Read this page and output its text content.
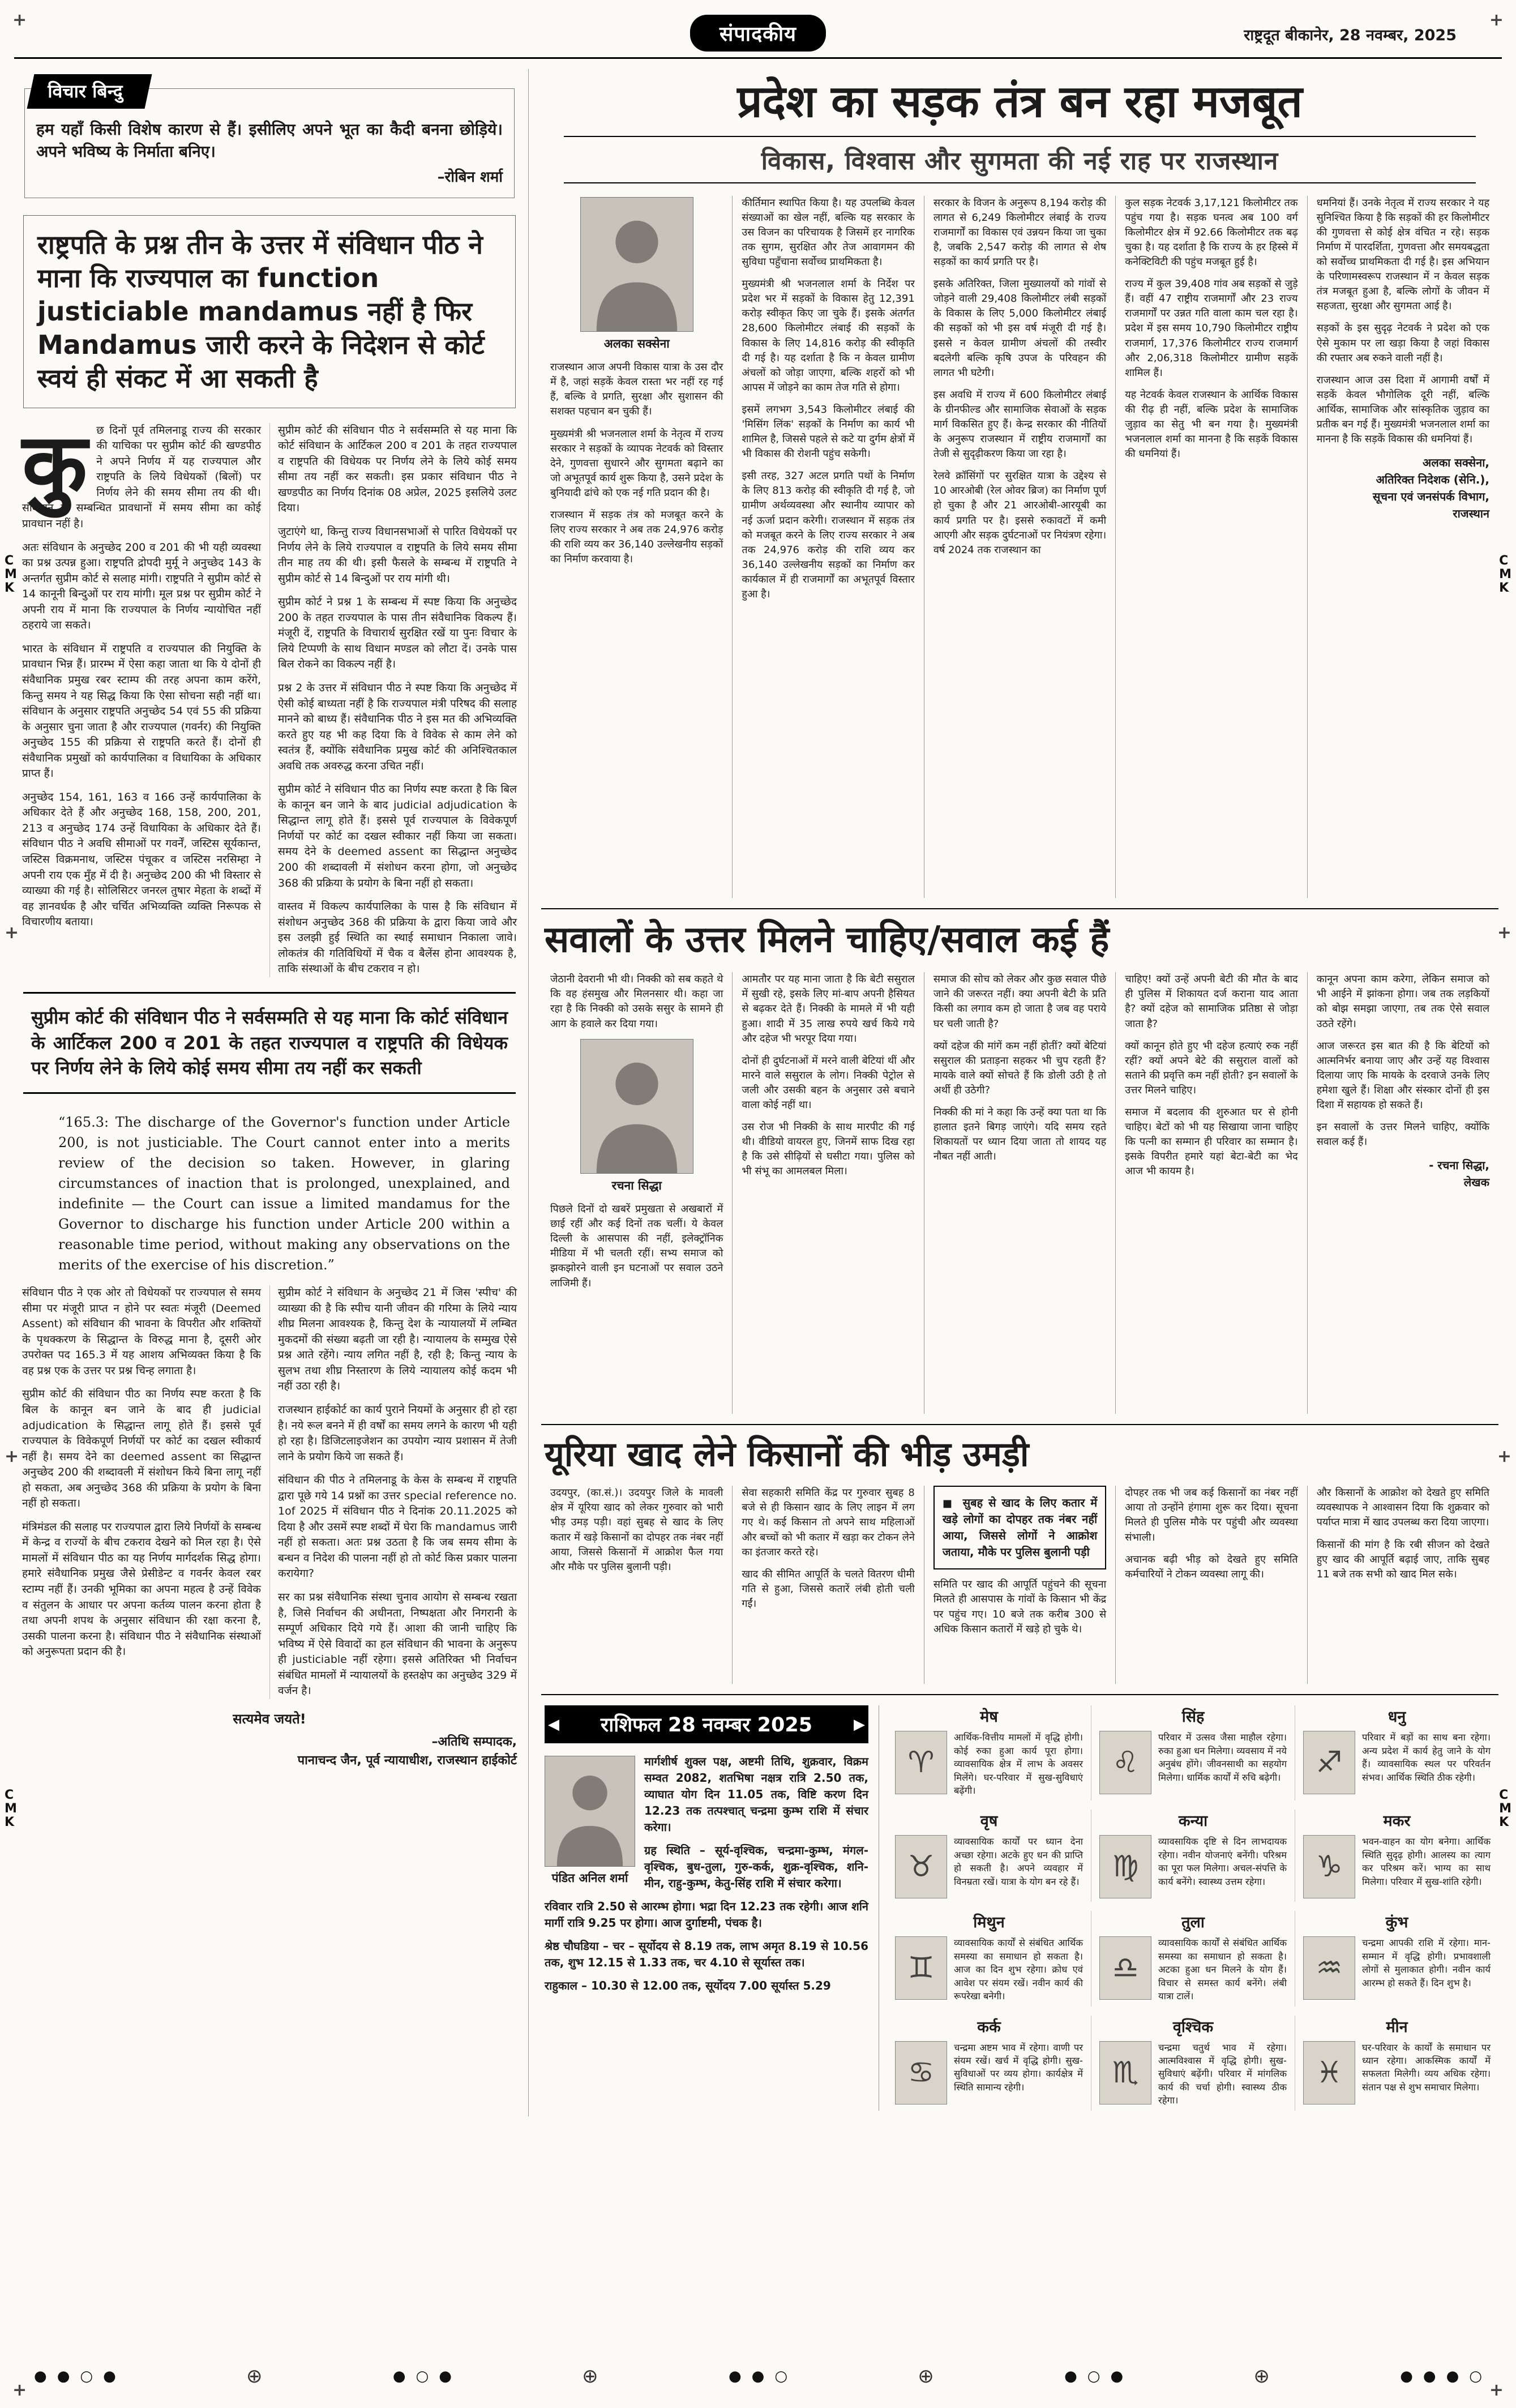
+	+
+	+
+	+
+	+
C
M
K
C
M
K
C
M
K
C
M
K
संपादकीय	राष्ट्रदूत बीकानेर, 28 नवम्बर, 2025
विचार बिन्दु
हम यहाँ किसी विशेष कारण से हैं। इसीलिए अपने भूत का कैदी बनना छोड़िये। अपने भविष्य के निर्माता बनिए।
–रोबिन शर्मा
राष्ट्रपति के प्रश्न तीन के उत्तर में संविधान पीठ ने माना कि राज्यपाल का function justiciable mandamus नहीं है फिर Mandamus जारी करने के निदेशन से कोर्ट स्वयं ही संकट में आ सकती है

कुछ दिनों पूर्व तमिलनाडू राज्य की सरकार की याचिका पर सुप्रीम कोर्ट की खण्डपीठ ने अपने निर्णय में यह राज्यपाल और राष्ट्रपति के लिये विधेयकों (बिलों) पर निर्णय लेने की समय सीमा तय की थी। संविधान के सम्बन्धित प्रावधानों में समय सीमा का कोई प्रावधान नहीं है।

अतः संविधान के अनुच्छेद 200 व 201 की भी यही व्यवस्था का प्रश्न उत्पन्न हुआ। राष्ट्रपति द्रोपदी मुर्मू ने अनुच्छेद 143 के अन्तर्गत सुप्रीम कोर्ट से सलाह मांगी। राष्ट्रपति ने सुप्रीम कोर्ट से 14 कानूनी बिन्दुओं पर राय मांगी। मूल प्रश्न पर सुप्रीम कोर्ट ने अपनी राय में माना कि राज्यपाल के निर्णय न्यायोचित नहीं ठहराये जा सकते।

भारत के संविधान में राष्ट्रपति व राज्यपाल की नियुक्ति के प्रावधान भिन्न हैं। प्रारम्भ में ऐसा कहा जाता था कि ये दोनों ही संवैधानिक प्रमुख रबर स्टाम्प की तरह अपना काम करेंगे, किन्तु समय ने यह सिद्ध किया कि ऐसा सोचना सही नहीं था। संविधान के अनुसार राष्ट्रपति अनुच्छेद 54 एवं 55 की प्रक्रिया के अनुसार चुना जाता है और राज्यपाल (गवर्नर) की नियुक्ति अनुच्छेद 155 की प्रक्रिया से राष्ट्रपति करते हैं। दोनों ही संवैधानिक प्रमुखों को कार्यपालिका व विधायिका के अधिकार प्राप्त हैं।

अनुच्छेद 154, 161, 163 व 166 उन्हें कार्यपालिका के अधिकार देते हैं और अनुच्छेद 168, 158, 200, 201, 213 व अनुच्छेद 174 उन्हें विधायिका के अधिकार देते हैं। संविधान पीठ ने अवधि सीमाओं पर गवर्नें, जस्टिस सूर्यकान्त, जस्टिस विक्रमनाथ, जस्टिस पंचूकर व जस्टिस नरसिम्हा ने अपनी राय एक मुँह में दी है। अनुच्छेद 200 की भी विस्तार से व्याख्या की गई है। सोलिसिटर जनरल तुषार मेहता के शब्दों में वह ज्ञानवर्धक है और चर्चित अभिव्यक्ति व्यक्ति निरूपक से विचारणीय बताया।

सुप्रीम कोर्ट की संविधान पीठ ने सर्वसम्मति से यह माना कि कोर्ट संविधान के आर्टिकल 200 व 201 के तहत राज्यपाल व राष्ट्रपति की विधेयक पर निर्णय लेने के लिये कोई समय सीमा तय नहीं कर सकती। इस प्रकार संविधान पीठ ने खण्डपीठ का निर्णय दिनांक 08 अप्रेल, 2025 इसलिये उलट दिया।

जुटाएंगे था, किन्तु राज्य विधानसभाओं से पारित विधेयकों पर निर्णय लेने के लिये राज्यपाल व राष्ट्रपति के लिये समय सीमा तीन माह तय की थी। इसी फैसले के सम्बन्ध में राष्ट्रपति ने सुप्रीम कोर्ट से 14 बिन्दुओं पर राय मांगी थी।

सुप्रीम कोर्ट ने प्रश्न 1 के सम्बन्ध में स्पष्ट किया कि अनुच्छेद 200 के तहत राज्यपाल के पास तीन संवैधानिक विकल्प हैं। मंजूरी दें, राष्ट्रपति के विचारार्थ सुरक्षित रखें या पुनः विचार के लिये टिप्पणी के साथ विधान मण्डल को लौटा दें। उनके पास बिल रोकने का विकल्प नहीं है।

प्रश्न 2 के उत्तर में संविधान पीठ ने स्पष्ट किया कि अनुच्छेद में ऐसी कोई बाध्यता नहीं है कि राज्यपाल मंत्री परिषद की सलाह मानने को बाध्य हैं। संवैधानिक पीठ ने इस मत की अभिव्यक्ति करते हुए यह भी कह दिया कि वे विवेक से काम लेने को स्वतंत्र हैं, क्योंकि संवैधानिक प्रमुख कोर्ट की अनिश्चितकाल अवधि तक अवरुद्ध करना उचित नहीं।

सुप्रीम कोर्ट ने संविधान पीठ का निर्णय स्पष्ट करता है कि बिल के कानून बन जाने के बाद judicial adjudication के सिद्धान्त लागू होते हैं। इससे पूर्व राज्यपाल के विवेकपूर्ण निर्णयों पर कोर्ट का दखल स्वीकार नहीं किया जा सकता। समय देने के deemed assent का सिद्धान्त अनुच्छेद 200 की शब्दावली में संशोधन करना होगा, जो अनुच्छेद 368 की प्रक्रिया के प्रयोग के बिना नहीं हो सकता।

वास्तव में विकल्प कार्यपालिका के पास है कि संविधान में संशोधन अनुच्छेद 368 की प्रक्रिया के द्वारा किया जावे और इस उलझी हुई स्थिति का स्थाई समाधान निकाला जावे। लोकतंत्र की गतिविधियों में चैक व बैलेंस होना आवश्यक है, ताकि संस्थाओं के बीच टकराव न हो।

सुप्रीम कोर्ट की संविधान पीठ ने सर्वसम्मति से यह माना कि कोर्ट संविधान के आर्टिकल 200 व 201 के तहत राज्यपाल व राष्ट्रपति की विधेयक पर निर्णय लेने के लिये कोई समय सीमा तय नहीं कर सकती
“165.3: The discharge of the Governor's function under Article 200, is not justiciable. The Court cannot enter into a merits review of the decision so taken. However, in glaring circumstances of inaction that is prolonged, unexplained, and indefinite — the Court can issue a limited mandamus for the Governor to discharge his function under Article 200 within a reasonable time period, without making any observations on the merits of the exercise of his discretion.”

संविधान पीठ ने एक ओर तो विधेयकों पर राज्यपाल से समय सीमा पर मंजूरी प्राप्त न होने पर स्वतः मंजूरी (Deemed Assent) को संविधान की भावना के विपरीत और शक्तियों के पृथक्करण के सिद्धान्त के विरुद्ध माना है, दूसरी ओर उपरोक्त पद 165.3 में यह आशय अभिव्यक्त किया है कि वह प्रश्न एक के उत्तर पर प्रश्न चिन्ह लगाता है।

सुप्रीम कोर्ट की संविधान पीठ का निर्णय स्पष्ट करता है कि बिल के कानून बन जाने के बाद ही judicial adjudication के सिद्धान्त लागू होते हैं। इससे पूर्व राज्यपाल के विवेकपूर्ण निर्णयों पर कोर्ट का दखल स्वीकार्य नहीं है। समय देने का deemed assent का सिद्धान्त अनुच्छेद 200 की शब्दावली में संशोधन किये बिना लागू नहीं हो सकता, अब अनुच्छेद 368 की प्रक्रिया के प्रयोग के बिना नहीं हो सकता।

मंत्रिमंडल की सलाह पर राज्यपाल द्वारा लिये निर्णयों के सम्बन्ध में केन्द्र व राज्यों के बीच टकराव देखने को मिल रहा है। ऐसे मामलों में संविधान पीठ का यह निर्णय मार्गदर्शक सिद्ध होगा। हमारे संवैधानिक प्रमुख जैसे प्रेसीडेन्ट व गवर्नर केवल रबर स्टाम्प नहीं हैं। उनकी भूमिका का अपना महत्व है उन्हें विवेक व संतुलन के आधार पर अपना कर्तव्य पालन करना होता है तथा अपनी शपथ के अनुसार संविधान की रक्षा करना है, उसकी पालना करना है। संविधान पीठ ने संवैधानिक संस्थाओं को अनुरूपता प्रदान की है।

सुप्रीम कोर्ट ने संविधान के अनुच्छेद 21 में जिस 'स्पीच' की व्याख्या की है कि स्पीच यानी जीवन की गरिमा के लिये न्याय शीघ्र मिलना आवश्यक है, किन्तु देश के न्यायालयों में लम्बित मुकदमों की संख्या बढ़ती जा रही है। न्यायालय के सम्मुख ऐसे प्रश्न आते रहेंगे। न्याय लगित नहीं है, रही है; किन्तु न्याय के सुलभ तथा शीघ्र निस्तारण के लिये न्यायालय कोई कदम भी नहीं उठा रही है।

राजस्थान हाईकोर्ट का कार्य पुराने नियमों के अनुसार ही हो रहा है। नये रूल बनने में ही वर्षों का समय लगने के कारण भी यही हो रहा है। डिजिटलाइजेशन का उपयोग न्याय प्रशासन में तेजी लाने के प्रयोग किये जा सकते हैं।

संविधान की पीठ ने तमिलनाडू के केस के सम्बन्ध में राष्ट्रपति द्वारा पूछे गये 14 प्रश्नों का उत्तर special reference no. 1of 2025 में संविधान पीठ ने दिनांक 20.11.2025 को दिया है और उसमें स्पष्ट शब्दों में घेरा कि mandamus जारी नहीं हो सकता। अतः प्रश्न उठता है कि जब समय सीमा के बन्धन व निदेश की पालना नहीं हो तो कोर्ट किस प्रकार पालना करायेगा?

सर का प्रश्न संवैधानिक संस्था चुनाव आयोग से सम्बन्ध रखता है, जिसे निर्वाचन की अधीनता, निष्पक्षता और निगरानी के सम्पूर्ण अधिकार दिये गये हैं। आशा की जानी चाहिए कि भविष्य में ऐसे विवादों का हल संविधान की भावना के अनुरूप ही justiciable नहीं रहेगा। इससे अतिरिक्त भी निर्वाचन संबंधित मामलों में न्यायालयों के हस्तक्षेप का अनुच्छेद 329 में वर्जन है।

सत्यमेव जयते!
–अतिथि सम्पादक,
पानाचन्द जैन, पूर्व न्यायाधीश, राजस्थान हाईकोर्ट
प्रदेश का सड़क तंत्र बन रहा मजबूत
विकास, विश्वास और सुगमता की नई राह पर राजस्थान
अलका सक्सेना

राजस्थान आज अपनी विकास यात्रा के उस दौर में है, जहां सड़कें केवल रास्ता भर नहीं रह गई हैं, बल्कि वे प्रगति, सुरक्षा और सुशासन की सशक्त पहचान बन चुकी हैं।

मुख्यमंत्री श्री भजनलाल शर्मा के नेतृत्व में राज्य सरकार ने सड़कों के व्यापक नेटवर्क को विस्तार देने, गुणवत्ता सुधारने और सुगमता बढ़ाने का जो अभूतपूर्व कार्य शुरू किया है, उसने प्रदेश के बुनियादी ढांचे को एक नई गति प्रदान की है।

राजस्थान में सड़क तंत्र को मजबूत करने के लिए राज्य सरकार ने अब तक 24,976 करोड़ की राशि व्यय कर 36,140 उल्लेखनीय सड़कों का निर्माण करवाया है।

कीर्तिमान स्थापित किया है। यह उपलब्धि केवल संख्याओं का खेल नहीं, बल्कि यह सरकार के उस विजन का परिचायक है जिसमें हर नागरिक तक सुगम, सुरक्षित और तेज आवागमन की सुविधा पहुँचाना सर्वोच्च प्राथमिकता है।

मुख्यमंत्री श्री भजनलाल शर्मा के निर्देश पर प्रदेश भर में सड़कों के विकास हेतु 12,391 करोड़ स्वीकृत किए जा चुके हैं। इसके अंतर्गत 28,600 किलोमीटर लंबाई की सड़कों के विकास के लिए 14,816 करोड़ की स्वीकृति दी गई है। यह दर्शाता है कि न केवल ग्रामीण अंचलों को जोड़ा जाएगा, बल्कि शहरों को भी आपस में जोड़ने का काम तेज गति से होगा।

इसमें लगभग 3,543 किलोमीटर लंबाई की 'मिसिंग लिंक' सड़कों के निर्माण का कार्य भी शामिल है, जिससे पहले से कटे या दुर्गम क्षेत्रों में भी विकास की रोशनी पहुंच सकेगी।

इसी तरह, 327 अटल प्रगति पथों के निर्माण के लिए 813 करोड़ की स्वीकृति दी गई है, जो ग्रामीण अर्थव्यवस्था और स्थानीय व्यापार को नई ऊर्जा प्रदान करेगी। राजस्थान में सड़क तंत्र को मजबूत करने के लिए राज्य सरकार ने अब तक 24,976 करोड़ की राशि व्यय कर 36,140 उल्लेखनीय सड़कों का निर्माण कर कार्यकाल में ही राजमार्गों का अभूतपूर्व विस्तार हुआ है।

सरकार के विजन के अनुरूप 8,194 करोड़ की लागत से 6,249 किलोमीटर लंबाई के राज्य राजमार्गों का विकास एवं उन्नयन किया जा चुका है, जबकि 2,547 करोड़ की लागत से शेष सड़कों का कार्य प्रगति पर है।

इसके अतिरिक्त, जिला मुख्यालयों को गांवों से जोड़ने वाली 29,408 किलोमीटर लंबी सड़कों के विकास के लिए 5,000 किलोमीटर लंबाई की सड़कों को भी इस वर्ष मंजूरी दी गई है। इससे न केवल ग्रामीण अंचलों की तस्वीर बदलेगी बल्कि कृषि उपज के परिवहन की लागत भी घटेगी।

इस अवधि में राज्य में 600 किलोमीटर लंबाई के ग्रीनफील्ड और सामाजिक सेवाओं के सड़क मार्ग विकसित हुए हैं। केन्द्र सरकार की नीतियों के अनुरूप राजस्थान में राष्ट्रीय राजमार्गों का तेजी से सुदृढ़ीकरण किया जा रहा है।

रेलवे क्रॉसिंगों पर सुरक्षित यात्रा के उद्देश्य से 10 आरओबी (रेल ओवर ब्रिज) का निर्माण पूर्ण हो चुका है और 21 आरओबी-आरयूबी का कार्य प्रगति पर है। इससे रुकावटों में कमी आएगी और सड़क दुर्घटनाओं पर नियंत्रण रहेगा। वर्ष 2024 तक राजस्थान का

कुल सड़क नेटवर्क 3,17,121 किलोमीटर तक पहुंच गया है। सड़क घनत्व अब 100 वर्ग किलोमीटर क्षेत्र में 92.66 किलोमीटर तक बढ़ चुका है। यह दर्शाता है कि राज्य के हर हिस्से में कनेक्टिविटी की पहुंच मजबूत हुई है।

राज्य में कुल 39,408 गांव अब सड़कों से जुड़े हैं। वहीं 47 राष्ट्रीय राजमार्गों और 23 राज्य राजमार्गों पर उन्नत गति वाला काम चल रहा है। प्रदेश में इस समय 10,790 किलोमीटर राष्ट्रीय राजमार्ग, 17,376 किलोमीटर राज्य राजमार्ग और 2,06,318 किलोमीटर ग्रामीण सड़कें शामिल हैं।

यह नेटवर्क केवल राजस्थान के आर्थिक विकास की रीढ़ ही नहीं, बल्कि प्रदेश के सामाजिक जुड़ाव का सेतु भी बन गया है। मुख्यमंत्री भजनलाल शर्मा का मानना है कि सड़कें विकास की धमनियां हैं।

धमनियां हैं। उनके नेतृत्व में राज्य सरकार ने यह सुनिश्चित किया है कि सड़कों की हर किलोमीटर की गुणवत्ता से कोई क्षेत्र वंचित न रहे। सड़क निर्माण में पारदर्शिता, गुणवत्ता और समयबद्धता को सर्वोच्च प्राथमिकता दी गई है। इस अभियान के परिणामस्वरूप राजस्थान में न केवल सड़क तंत्र मजबूत हुआ है, बल्कि लोगों के जीवन में सहजता, सुरक्षा और सुगमता आई है।

सड़कों के इस सुदृढ़ नेटवर्क ने प्रदेश को एक ऐसे मुकाम पर ला खड़ा किया है जहां विकास की रफ्तार अब रुकने वाली नहीं है।

राजस्थान आज उस दिशा में आगामी वर्षों में सड़कें केवल भौगोलिक दूरी नहीं, बल्कि आर्थिक, सामाजिक और सांस्कृतिक जुड़ाव का प्रतीक बन गई हैं। मुख्यमंत्री भजनलाल शर्मा का मानना है कि सड़कें विकास की धमनियां हैं।

अलका सक्सेना,
अतिरिक्त निदेशक (सेनि.),
सूचना एवं जनसंपर्क विभाग,
राजस्थान
सवालों के उत्तर मिलने चाहिए/सवाल कई हैं

जेठानी देवरानी भी थी। निक्की को सब कहते थे कि वह हंसमुख और मिलनसार थी। कहा जा रहा है कि निक्की को उसके ससुर के सामने ही आग के हवाले कर दिया गया।

रचना सिद्धा

पिछले दिनों दो खबरें प्रमुखता से अखबारों में छाई रहीं और कई दिनों तक चलीं। ये केवल दिल्ली के आसपास की नहीं, इलेक्ट्रॉनिक मीडिया में भी चलती रहीं। सभ्य समाज को झकझोरने वाली इन घटनाओं पर सवाल उठने लाजिमी हैं।

आमतौर पर यह माना जाता है कि बेटी ससुराल में सुखी रहे, इसके लिए मां-बाप अपनी हैसियत से बढ़कर देते हैं। निक्की के मामले में भी यही हुआ। शादी में 35 लाख रुपये खर्च किये गये और दहेज भी भरपूर दिया गया।

दोनों ही दुर्घटनाओं में मरने वाली बेटियां थीं और मारने वाले ससुराल के लोग। निक्की पेट्रोल से जली और उसकी बहन के अनुसार उसे बचाने वाला कोई नहीं था।

उस रोज भी निक्की के साथ मारपीट की गई थी। वीडियो वायरल हुए, जिनमें साफ दिख रहा है कि उसे सीढ़ियों से घसीटा गया। पुलिस को भी संभू का आमलबल मिला।

समाज की सोच को लेकर और कुछ सवाल पीछे जाने की जरूरत नहीं। क्या अपनी बेटी के प्रति किसी का लगाव कम हो जाता है जब वह पराये घर चली जाती है?

क्यों दहेज की मांगें कम नहीं होतीं? क्यों बेटियां ससुराल की प्रताड़ना सहकर भी चुप रहती हैं? मायके वाले क्यों सोचते हैं कि डोली उठी है तो अर्थी ही उठेगी?

निक्की की मां ने कहा कि उन्हें क्या पता था कि हालात इतने बिगड़ जाएंगे। यदि समय रहते शिकायतों पर ध्यान दिया जाता तो शायद यह नौबत नहीं आती।

चाहिए! क्यों उन्हें अपनी बेटी की मौत के बाद ही पुलिस में शिकायत दर्ज कराना याद आता है? क्यों दहेज को सामाजिक प्रतिष्ठा से जोड़ा जाता है?

क्यों कानून होते हुए भी दहेज हत्याएं रुक नहीं रहीं? क्यों अपने बेटे की ससुराल वालों को सताने की प्रवृत्ति कम नहीं होती? इन सवालों के उत्तर मिलने चाहिए।

समाज में बदलाव की शुरुआत घर से होनी चाहिए। बेटों को भी यह सिखाया जाना चाहिए कि पत्नी का सम्मान ही परिवार का सम्मान है। इसके विपरीत हमारे यहां बेटा-बेटी का भेद आज भी कायम है।

कानून अपना काम करेगा, लेकिन समाज को भी आईने में झांकना होगा। जब तक लड़कियों को बोझ समझा जाएगा, तब तक ऐसे सवाल उठते रहेंगे।

आज जरूरत इस बात की है कि बेटियों को आत्मनिर्भर बनाया जाए और उन्हें यह विश्वास दिलाया जाए कि मायके के दरवाजे उनके लिए हमेशा खुले हैं। शिक्षा और संस्कार दोनों ही इस दिशा में सहायक हो सकते हैं।

इन सवालों के उत्तर मिलने चाहिए, क्योंकि सवाल कई हैं।

- रचना सिद्धा,
लेखक
यूरिया खाद लेने किसानों की भीड़ उमड़ी

उदयपुर, (का.सं.)। उदयपुर जिले के मावली क्षेत्र में यूरिया खाद को लेकर गुरुवार को भारी भीड़ उमड़ पड़ी। वहां सुबह से खाद के लिए कतार में खड़े किसानों का दोपहर तक नंबर नहीं आया, जिससे किसानों में आक्रोश फैल गया और मौके पर पुलिस बुलानी पड़ी।

सेवा सहकारी समिति केंद्र पर गुरुवार सुबह 8 बजे से ही किसान खाद के लिए लाइन में लग गए थे। कई किसान तो अपने साथ महिलाओं और बच्चों को भी कतार में खड़ा कर टोकन लेने का इंतजार करते रहे।

खाद की सीमित आपूर्ति के चलते वितरण धीमी गति से हुआ, जिससे कतारें लंबी होती चली गईं।

■ सुबह से खाद के लिए कतार में खड़े लोगों का दोपहर तक नंबर नहीं आया, जिससे लोगों ने आक्रोश जताया, मौके पर पुलिस बुलानी पड़ी

समिति पर खाद की आपूर्ति पहुंचने की सूचना मिलते ही आसपास के गांवों के किसान भी केंद्र पर पहुंच गए। 10 बजे तक करीब 300 से अधिक किसान कतारों में खड़े हो चुके थे।

दोपहर तक भी जब कई किसानों का नंबर नहीं आया तो उन्होंने हंगामा शुरू कर दिया। सूचना मिलते ही पुलिस मौके पर पहुंची और व्यवस्था संभाली।

अचानक बढ़ी भीड़ को देखते हुए समिति कर्मचारियों ने टोकन व्यवस्था लागू की।

और किसानों के आक्रोश को देखते हुए समिति व्यवस्थापक ने आश्वासन दिया कि शुक्रवार को पर्याप्त मात्रा में खाद उपलब्ध करा दिया जाएगा।

किसानों की मांग है कि रबी सीजन को देखते हुए खाद की आपूर्ति बढ़ाई जाए, ताकि सुबह 11 बजे तक सभी को खाद मिल सके।

◀ राशिफल 28 नवम्बर 2025	▶
पंडित अनिल शर्मा

मार्गशीर्ष शुक्ल पक्ष, अष्टमी तिथि, शुक्रवार, विक्रम सम्वत 2082, शतभिषा नक्षत्र रात्रि 2.50 तक, व्याघात योग दिन 11.05 तक, विष्टि करण दिन 12.23 तक तत्पश्चात् चन्द्रमा कुम्भ राशि में संचार करेगा।

ग्रह स्थिति – सूर्य-वृश्चिक, चन्द्रमा-कुम्भ, मंगल-वृश्चिक, बुध-तुला, गुरु-कर्क, शुक्र-वृश्चिक, शनि-मीन, राहु-कुम्भ, केतु-सिंह राशि में संचार करेगा।

रविवार रात्रि 2.50 से आरम्भ होगा। भद्रा दिन 12.23 तक रहेगी। आज शनि मार्गी रात्रि 9.25 पर होगा। आज दुर्गाष्टमी, पंचक है।

श्रेष्ठ चौघडिया – चर – सूर्योदय से 8.19 तक, लाभ अमृत 8.19 से 10.56 तक, शुभ 12.15 से 1.33 तक, चर 4.10 से सूर्यास्त तक।

राहुकाल – 10.30 से 12.00 तक, सूर्योदय 7.00 सूर्यास्त 5.29

मेष
♈
आर्थिक-वित्तीय मामलों में वृद्धि होगी। कोई रुका हुआ कार्य पूरा होगा। व्यावसायिक क्षेत्र में लाभ के अवसर मिलेंगे। घर-परिवार में सुख-सुविधाएं बढ़ेंगी।
वृष
♉
व्यावसायिक कार्यों पर ध्यान देना अच्छा रहेगा। अटके हुए धन की प्राप्ति हो सकती है। अपने व्यवहार में विनम्रता रखें। यात्रा के योग बन रहे हैं।
मिथुन
♊
व्यावसायिक कार्यों से संबंधित आर्थिक समस्या का समाधान हो सकता है। आज का दिन शुभ रहेगा। क्रोध एवं आवेश पर संयम रखें। नवीन कार्य की रूपरेखा बनेगी।
कर्क
♋
चन्द्रमा अष्टम भाव में रहेगा। वाणी पर संयम रखें। खर्च में वृद्धि होगी। सुख-सुविधाओं पर व्यय होगा। कार्यक्षेत्र में स्थिति सामान्य रहेगी।
सिंह
♌
परिवार में उत्सव जैसा माहौल रहेगा। रुका हुआ धन मिलेगा। व्यवसाय में नये अनुबंध होंगे। जीवनसाथी का सहयोग मिलेगा। धार्मिक कार्यों में रुचि बढ़ेगी।
कन्या
♍
व्यावसायिक दृष्टि से दिन लाभदायक रहेगा। नवीन योजनाएं बनेंगी। परिश्रम का पूरा फल मिलेगा। अचल-संपत्ति के कार्य बनेंगे। स्वास्थ्य उत्तम रहेगा।
तुला
♎
व्यावसायिक कार्यों से संबंधित आर्थिक समस्या का समाधान हो सकता है। अटका हुआ धन मिलने के योग हैं। विचार से समस्त कार्य बनेंगे। लंबी यात्रा टालें।
वृश्चिक
♏
चन्द्रमा चतुर्थ भाव में रहेगा। आत्मविश्वास में वृद्धि होगी। सुख-सुविधाएं बढ़ेंगी। परिवार में मांगलिक कार्य की चर्चा होगी। स्वास्थ्य ठीक रहेगा।
धनु
♐
परिवार में बड़ों का साथ बना रहेगा। अन्य प्रदेश में कार्य हेतु जाने के योग हैं। व्यावसायिक स्थल पर परिवर्तन संभव। आर्थिक स्थिति ठीक रहेगी।
मकर
♑
भवन-वाहन का योग बनेगा। आर्थिक स्थिति सुदृढ़ होगी। आलस्य का त्याग कर परिश्रम करें। भाग्य का साथ मिलेगा। परिवार में सुख-शांति रहेगी।
कुंभ
♒
चन्द्रमा आपकी राशि में रहेगा। मान-सम्मान में वृद्धि होगी। प्रभावशाली लोगों से मुलाकात होगी। नवीन कार्य आरम्भ हो सकते हैं। दिन शुभ है।
मीन
♓
घर-परिवार के कार्यों के समाधान पर ध्यान रहेगा। आकस्मिक कार्यों में सफलता मिलेगी। व्यय अधिक रहेगा। संतान पक्ष से शुभ समाचार मिलेगा।
● ● ○ ●	⊕	● ○ ●	⊕	● ● ○	⊕	● ○ ●	⊕	● ● ● ○
